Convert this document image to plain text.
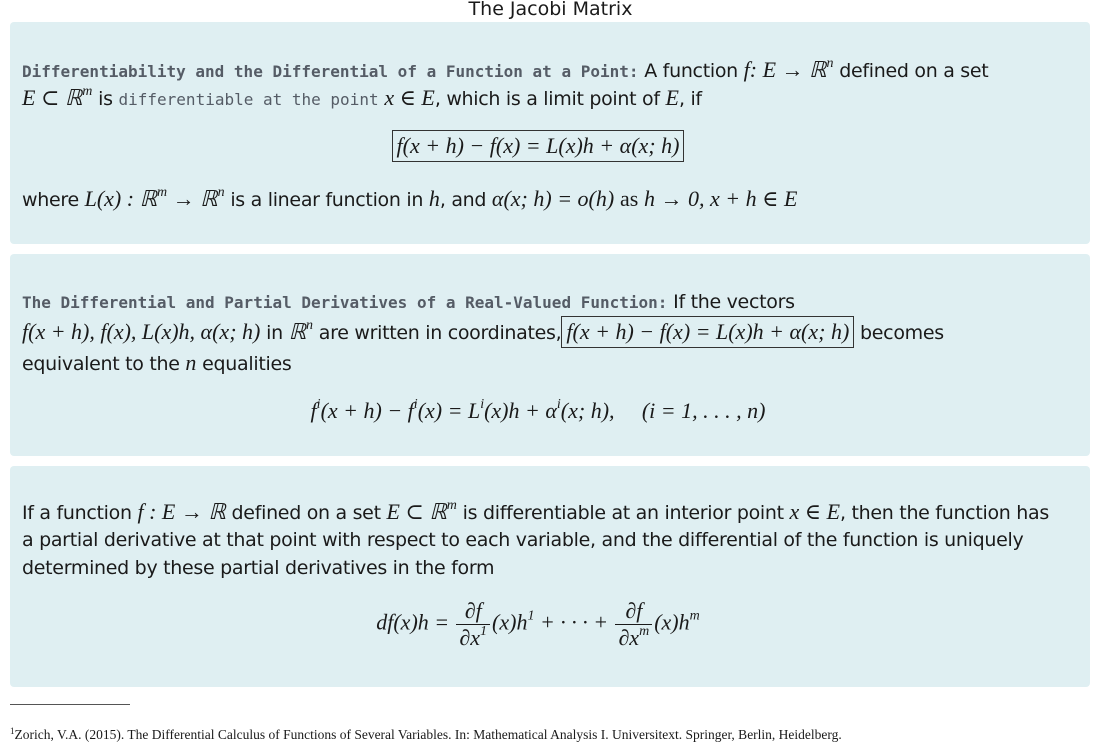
The Jacobi Matrix
Differentiability and the Differential of a Function at a Point: A function f: E → ℝ$^n$ defined on a set
E ⊂ ℝ$^m$ is differentiable at the point x ∈ E, which is a limit point of E, if
f(x + h) − f(x) = L(x)h + α(x; h)
where L(x) : ℝ$^m$ → ℝ$^n$ is a linear function in h, and α(x; h) = o(h) as h → 0, x + h ∈ E
The Differential and Partial Derivatives of a Real-Valued Function: If the vectors
f(x + h), f(x), L(x)h, α(x; h) in ℝ$^n$ are written in coordinates, f(x + h) − f(x) = L(x)h + α(x; h) becomes
equivalent to the n equalities
$f^i(x + h) - f^i(x) = L^i(x)h + \alpha^i(x$; h), (i = 1, . . . , n)
If a function f : E → ℝ defined on a set E ⊂ ℝ$^m$ is differentiable at an interior point x ∈ E, then the function has
a partial derivative at that point with respect to each variable, and the differential of the function is uniquely
determined by these partial derivatives in the form
$df(x)h = \frac{\partial f}{\partial x^1} (x)h^1$ + · · · + $\frac{\partial f}{\partial x^m} (x)h^m$
$^1$Zorich, V.A. (2015). The Differential Calculus of Functions of Several Variables. In: Mathematical Analysis I. Universitext. Springer, Berlin, Heidelberg.
